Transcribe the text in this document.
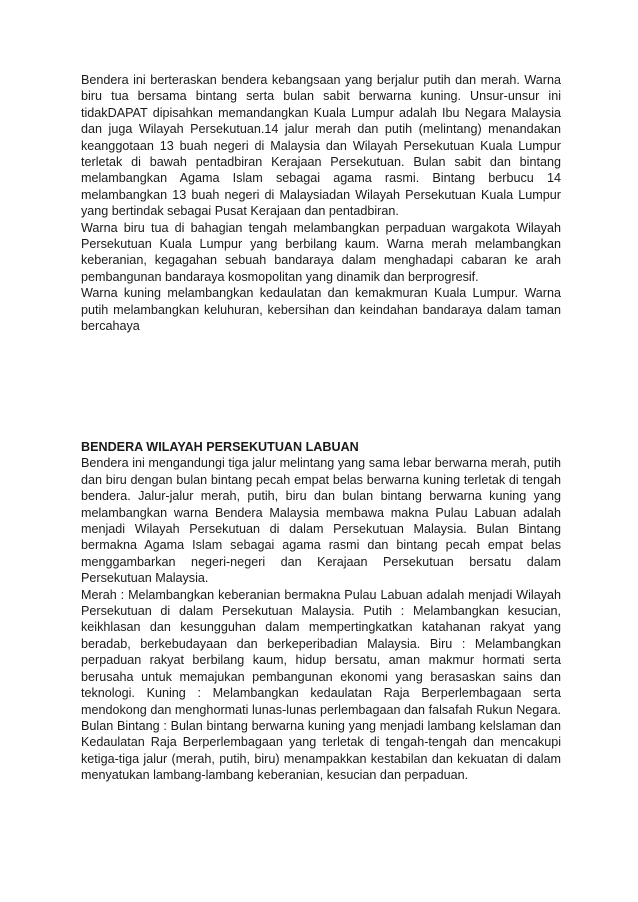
Bendera ini berteraskan bendera kebangsaan yang berjalur putih dan merah. Warna biru tua bersama bintang serta bulan sabit berwarna kuning. Unsur-unsur ini tidakDAPAT dipisahkan memandangkan Kuala Lumpur adalah Ibu Negara Malaysia dan juga Wilayah Persekutuan.14 jalur merah dan putih (melintang) menandakan keanggotaan 13 buah negeri di Malaysia dan Wilayah Persekutuan Kuala Lumpur terletak di bawah pentadbiran Kerajaan Persekutuan. Bulan sabit dan bintang melambangkan Agama Islam sebagai agama rasmi. Bintang berbucu 14 melambangkan 13 buah negeri di Malaysiadan Wilayah Persekutuan Kuala Lumpur yang bertindak sebagai Pusat Kerajaan dan pentadbiran.

Warna biru tua di bahagian tengah melambangkan perpaduan wargakota Wilayah Persekutuan Kuala Lumpur yang berbilang kaum. Warna merah melambangkan keberanian, kegagahan sebuah bandaraya dalam menghadapi cabaran ke arah pembangunan bandaraya kosmopolitan yang dinamik dan berprogresif.

Warna kuning melambangkan kedaulatan dan kemakmuran Kuala Lumpur. Warna putih melambangkan keluhuran, kebersihan dan keindahan bandaraya dalam taman bercahaya

BENDERA WILAYAH PERSEKUTUAN LABUAN

Bendera ini mengandungi tiga jalur melintang yang sama lebar berwarna merah, putih dan biru dengan bulan bintang pecah empat belas berwarna kuning terletak di tengah bendera. Jalur-jalur merah, putih, biru dan bulan bintang berwarna kuning yang melambangkan warna Bendera Malaysia membawa makna Pulau Labuan adalah menjadi Wilayah Persekutuan di dalam Persekutuan Malaysia. Bulan Bintang bermakna Agama Islam sebagai agama rasmi dan bintang pecah empat belas menggambarkan negeri-negeri dan Kerajaan Persekutuan bersatu dalam Persekutuan Malaysia.

Merah : Melambangkan keberanian bermakna Pulau Labuan adalah menjadi Wilayah Persekutuan di dalam Persekutuan Malaysia. Putih : Melambangkan kesucian, keikhlasan dan kesungguhan dalam mempertingkatkan katahanan rakyat yang beradab, berkebudayaan dan berkeperibadian Malaysia. Biru : Melambangkan perpaduan rakyat berbilang kaum, hidup bersatu, aman makmur hormati serta berusaha untuk memajukan pembangunan ekonomi yang berasaskan sains dan teknologi. Kuning : Melambangkan kedaulatan Raja Berperlembagaan serta mendokong dan menghormati lunas-lunas perlembagaan dan falsafah Rukun Negara. Bulan Bintang : Bulan bintang berwarna kuning yang menjadi lambang kelslaman dan Kedaulatan Raja Berperlembagaan yang terletak di tengah-tengah dan mencakupi ketiga-tiga jalur (merah, putih, biru) menampakkan kestabilan dan kekuatan di dalam menyatukan lambang-lambang keberanian, kesucian dan perpaduan.
